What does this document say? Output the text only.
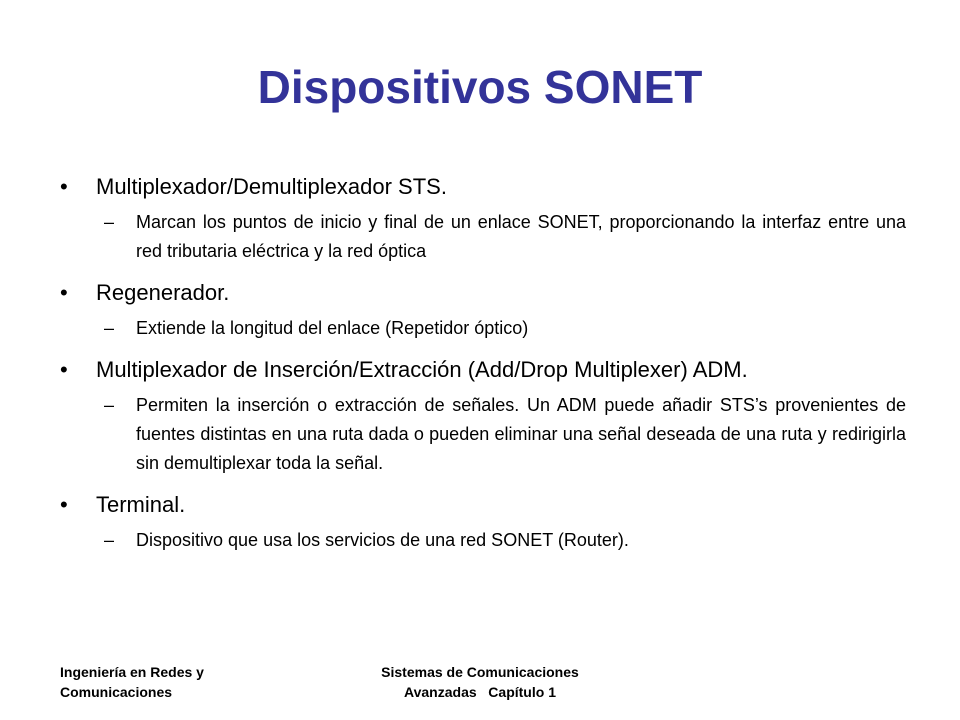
Dispositivos SONET
• Multiplexador/Demultiplexador STS.
– Marcan los puntos de inicio y final de un enlace SONET, proporcionando la interfaz entre una red tributaria eléctrica y la red óptica
• Regenerador.
– Extiende la longitud del enlace (Repetidor óptico)
• Multiplexador de Inserción/Extracción (Add/Drop Multiplexer) ADM.
– Permiten la inserción o extracción de señales. Un ADM puede añadir STS’s provenientes de fuentes distintas en una ruta dada o pueden eliminar una señal deseada de una ruta y redirigirla sin demultiplexar toda la señal.
• Terminal.
– Dispositivo que usa los servicios de una red SONET (Router).
Ingeniería en Redes y
Comunicaciones
Sistemas de Comunicaciones
Avanzadas   Capítulo 1
